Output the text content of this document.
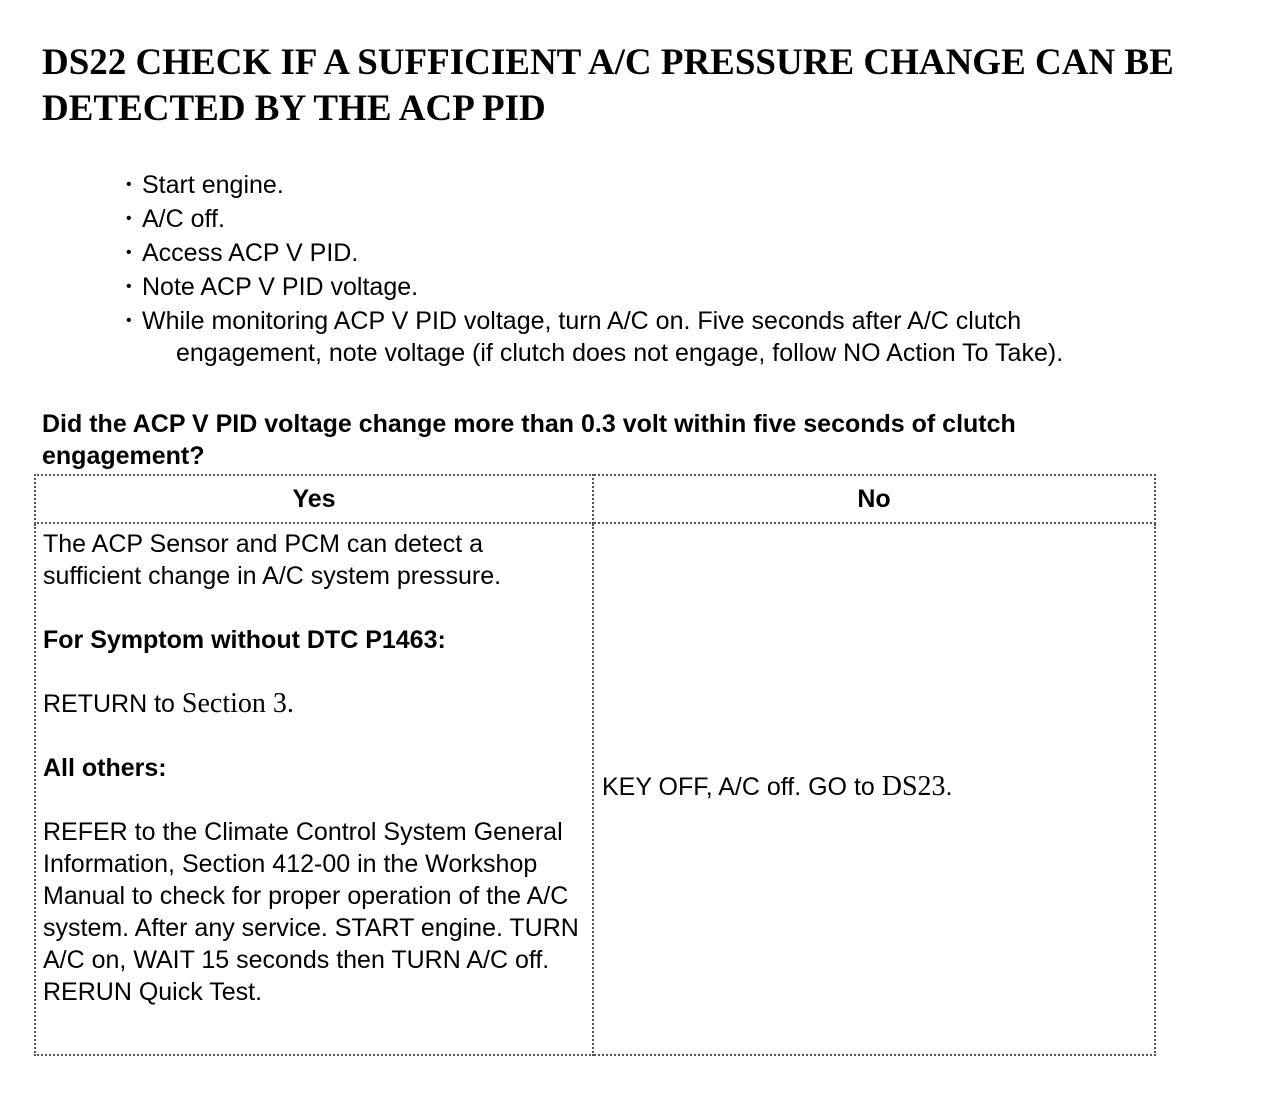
DS22 CHECK IF A SUFFICIENT A/C PRESSURE CHANGE CAN BE DETECTED BY THE ACP PID
• Start engine.
• A/C off.
• Access ACP V PID.
• Note ACP V PID voltage.
• While monitoring ACP V PID voltage, turn A/C on. Five seconds after A/C clutch
engagement, note voltage (if clutch does not engage, follow NO Action To Take).

Did the ACP V PID voltage change more than 0.3 volt within five seconds of clutch engagement?

Yes	No

The ACP Sensor and PCM can detect a sufficient change in A/C system pressure.

For Symptom without DTC P1463:

RETURN to Section 3.

All others:

REFER to the Climate Control System General Information, Section 412-00 in the Workshop Manual to check for proper operation of the A/C system. After any service. START engine. TURN A/C on, WAIT 15 seconds then TURN A/C off. RERUN Quick Test.	KEY OFF, A/C off. GO to DS23.
